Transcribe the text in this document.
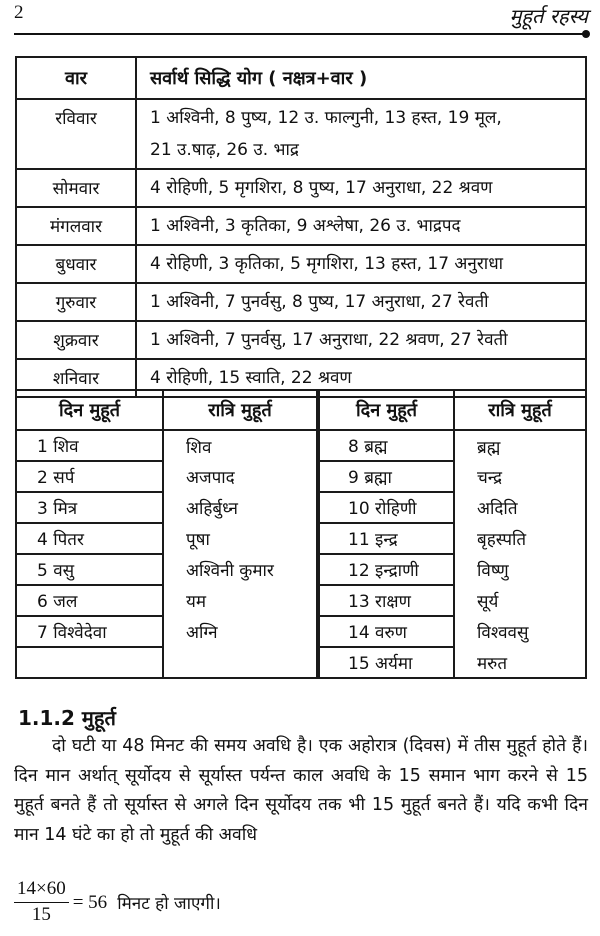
2	मुहूर्त रहस्य
वार	सर्वार्थ सिद्धि योग ( नक्षत्र+वार )
रविवार	1 अश्विनी, 8 पुष्य, 12 उ. फाल्गुनी, 13 हस्त, 19 मूल,
21 उ.षाढ़, 26 उ. भाद्र

सोमवार	4 रोहिणी, 5 मृगशिरा, 8 पुष्य, 17 अनुराधा, 22 श्रवण

मंगलवार	1 अश्विनी, 3 कृतिका, 9 अश्लेषा, 26 उ. भाद्रपद

बुधवार	4 रोहिणी, 3 कृतिका, 5 मृगशिरा, 13 हस्त, 17 अनुराधा

गुरुवार	1 अश्विनी, 7 पुनर्वसु, 8 पुष्य, 17 अनुराधा, 27 रेवती

शुक्रवार	1 अश्विनी, 7 पुनर्वसु, 17 अनुराधा, 22 श्रवण, 27 रेवती

शनिवार	4 रोहिणी, 15 स्वाति, 22 श्रवण
दिन मुहूर्त	रात्रि मुहूर्त
1 शिव	शिव
2 सर्प	अजपाद
3 मित्र	अहिर्बुध्न
4 पितर	पूषा
5 वसु	अश्विनी कुमार
6 जल	यम
7 विश्वेदेवा	अग्नि

दिन मुहूर्त	रात्रि मुहूर्त
8 ब्रह्म	ब्रह्म
9 ब्रह्मा	चन्द्र
10 रोहिणी	अदिति
11 इन्द्र	बृहस्पति
12 इन्द्राणी	विष्णु
13 राक्षण	सूर्य
14 वरुण	विश्ववसु
15 अर्यमा	मरुत
1.1.2 मुहूर्त
दो घटी या 48 मिनट की समय अवधि है। एक अहोरात्र (दिवस) में तीस मुहूर्त होते हैं। दिन मान अर्थात् सूर्योदय से सूर्यास्त पर्यन्त काल अवधि के 15 समान भाग करने से 15 मुहूर्त बनते हैं तो सूर्यास्त से अगले दिन सूर्योदय तक भी 15 मुहूर्त बनते हैं। यदि कभी दिन मान 14 घंटे का हो तो मुहूर्त की अवधि
$\frac{14\times 60}{15} = 56$ मिनट हो जाएगी।
